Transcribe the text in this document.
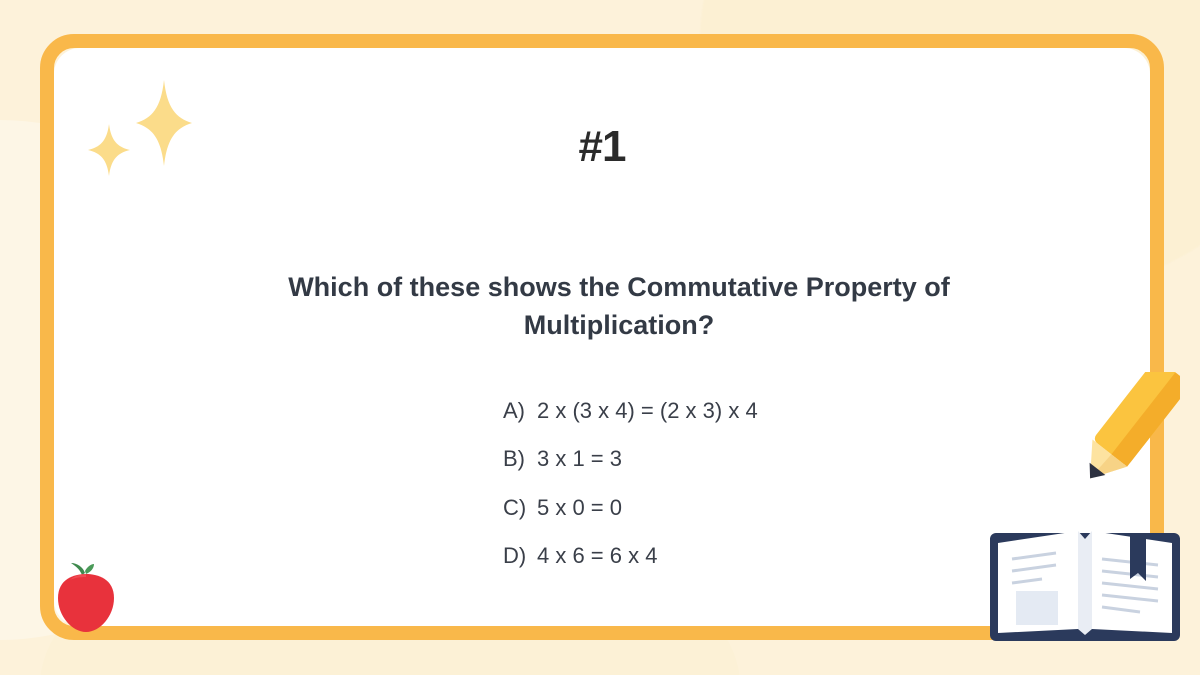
#1
Which of these shows the Commutative Property of Multiplication?
A) 2 x (3 x 4) = (2 x 3) x 4
B) 3 x 1 = 3
C) 5 x 0 = 0
D) 4 x 6 = 6 x 4
